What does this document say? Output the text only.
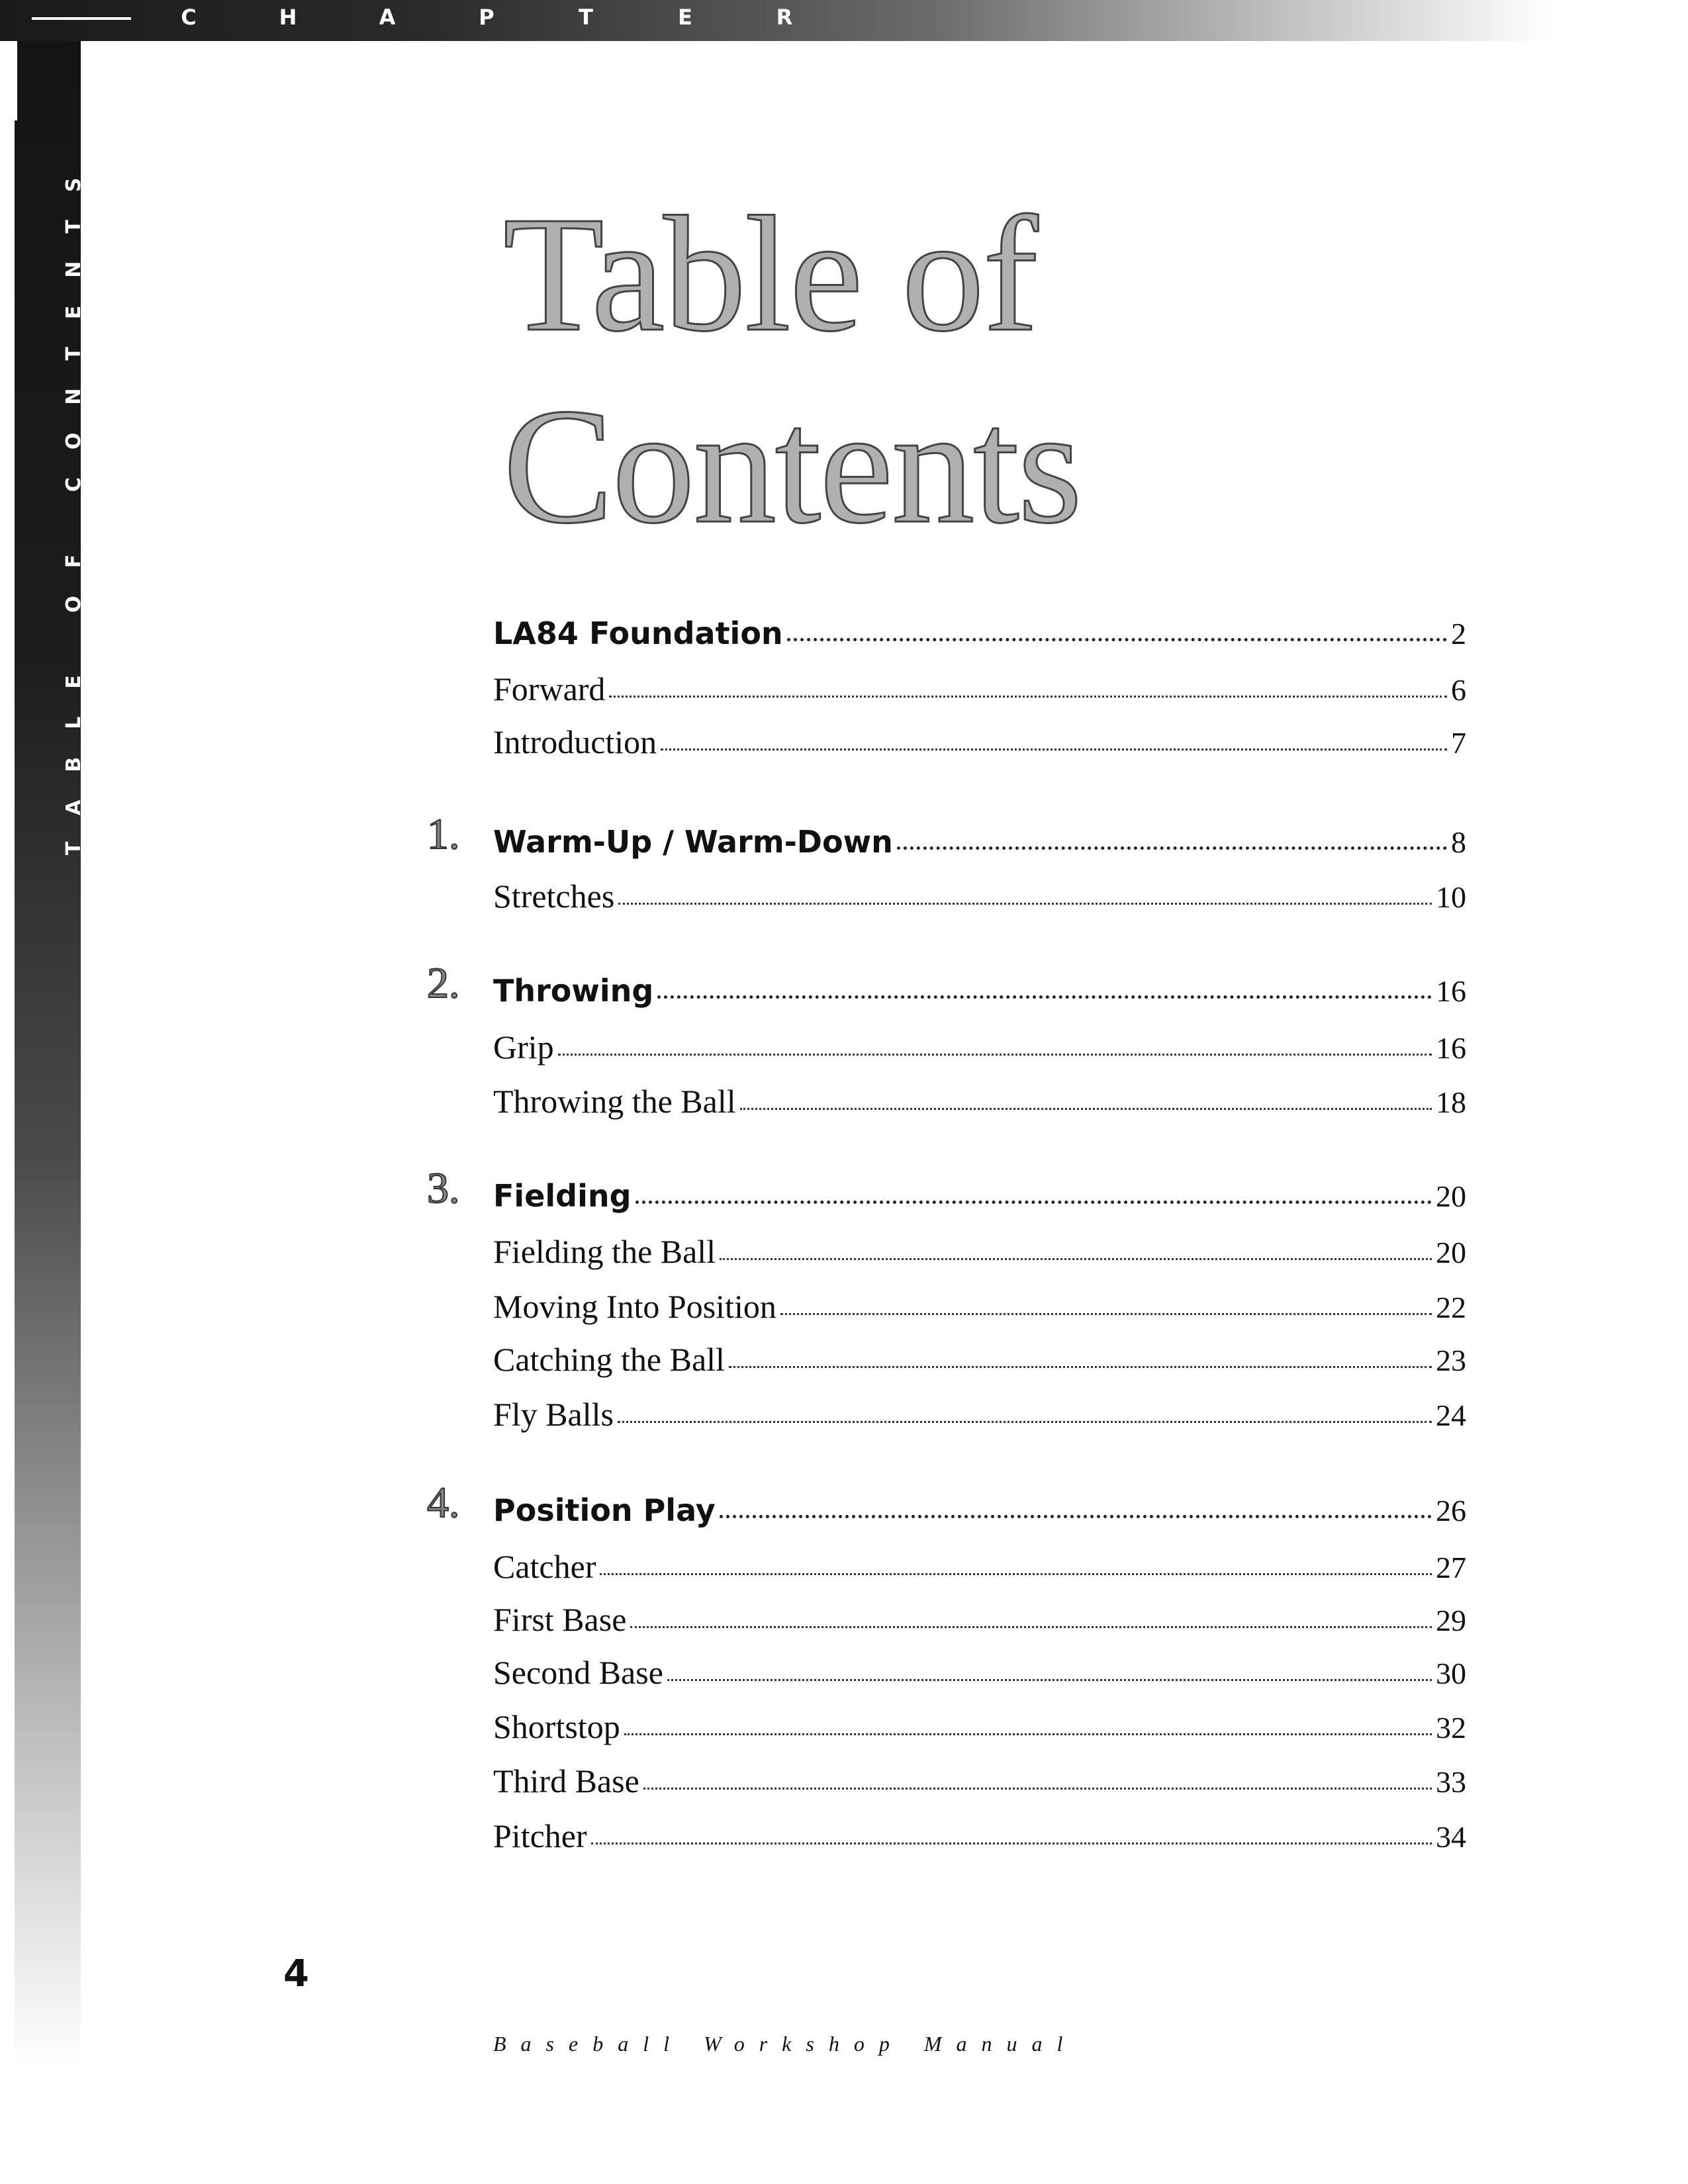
C	H	A	P	T	E	R
TABLE OF CONTENTS	Table of
Contents
LA84 Foundation	2
Forward	6
Introduction	7
1.	Warm-Up / Warm-Down	8
Stretches	10
2.	Throwing	16
Grip	16
Throwing the Ball	18
3.	Fielding	20
Fielding the Ball	20
Moving Into Position	22
Catching the Ball	23
Fly Balls	24
4.	Position Play	26
Catcher	27
First Base	29
Second Base	30
Shortstop	32
Third Base	33
Pitcher	34
4
Baseball Workshop Manual
